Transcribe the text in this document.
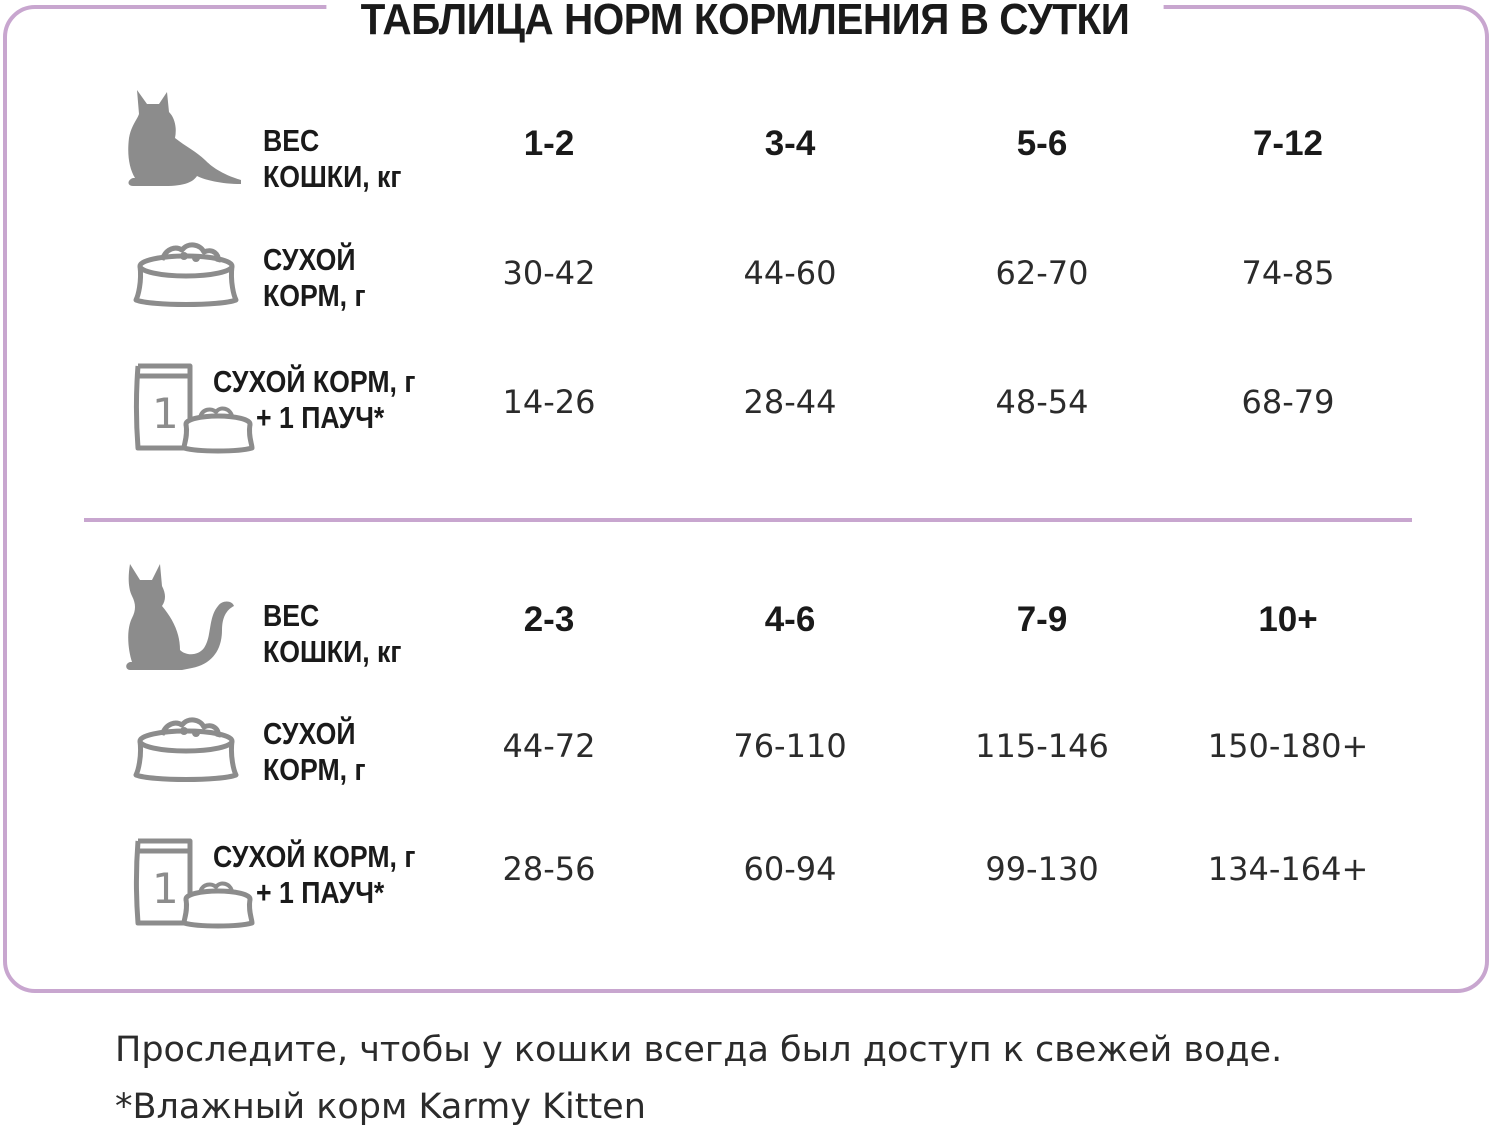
ТАБЛИЦА НОРМ КОРМЛЕНИЯ В СУТКИ
ВЕС
КОШКИ, кг
1-2	3-4	5-6	7-12
СУХОЙ
КОРМ, г
30-42	44-60	62-70	74-85
1
СУХОЙ КОРМ, г
+ 1 ПАУЧ*	14-26	28-44	48-54	68-79
ВЕС
КОШКИ, кг
2-3	4-6	7-9	10+
СУХОЙ
КОРМ, г
44-72	76-110	115-146	150-180+
1
СУХОЙ КОРМ, г
+ 1 ПАУЧ*
28-56	60-94	99-130	134-164+
Проследите, чтобы у кошки всегда был доступ к свежей воде.
*Влажный корм Karmy Kitten
